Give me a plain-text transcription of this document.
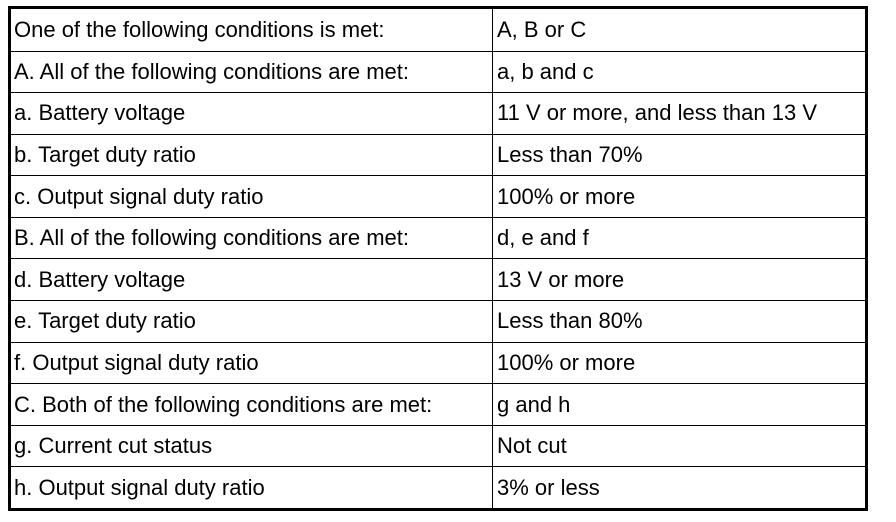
One of the following conditions is met:	A, B or C
A. All of the following conditions are met:	a, b and c
a. Battery voltage	11 V or more, and less than 13 V
b. Target duty ratio	Less than 70%
c. Output signal duty ratio	100% or more
B. All of the following conditions are met:	d, e and f
d. Battery voltage	13 V or more
e. Target duty ratio	Less than 80%
f. Output signal duty ratio	100% or more
C. Both of the following conditions are met:	g and h
g. Current cut status	Not cut
h. Output signal duty ratio	3% or less
